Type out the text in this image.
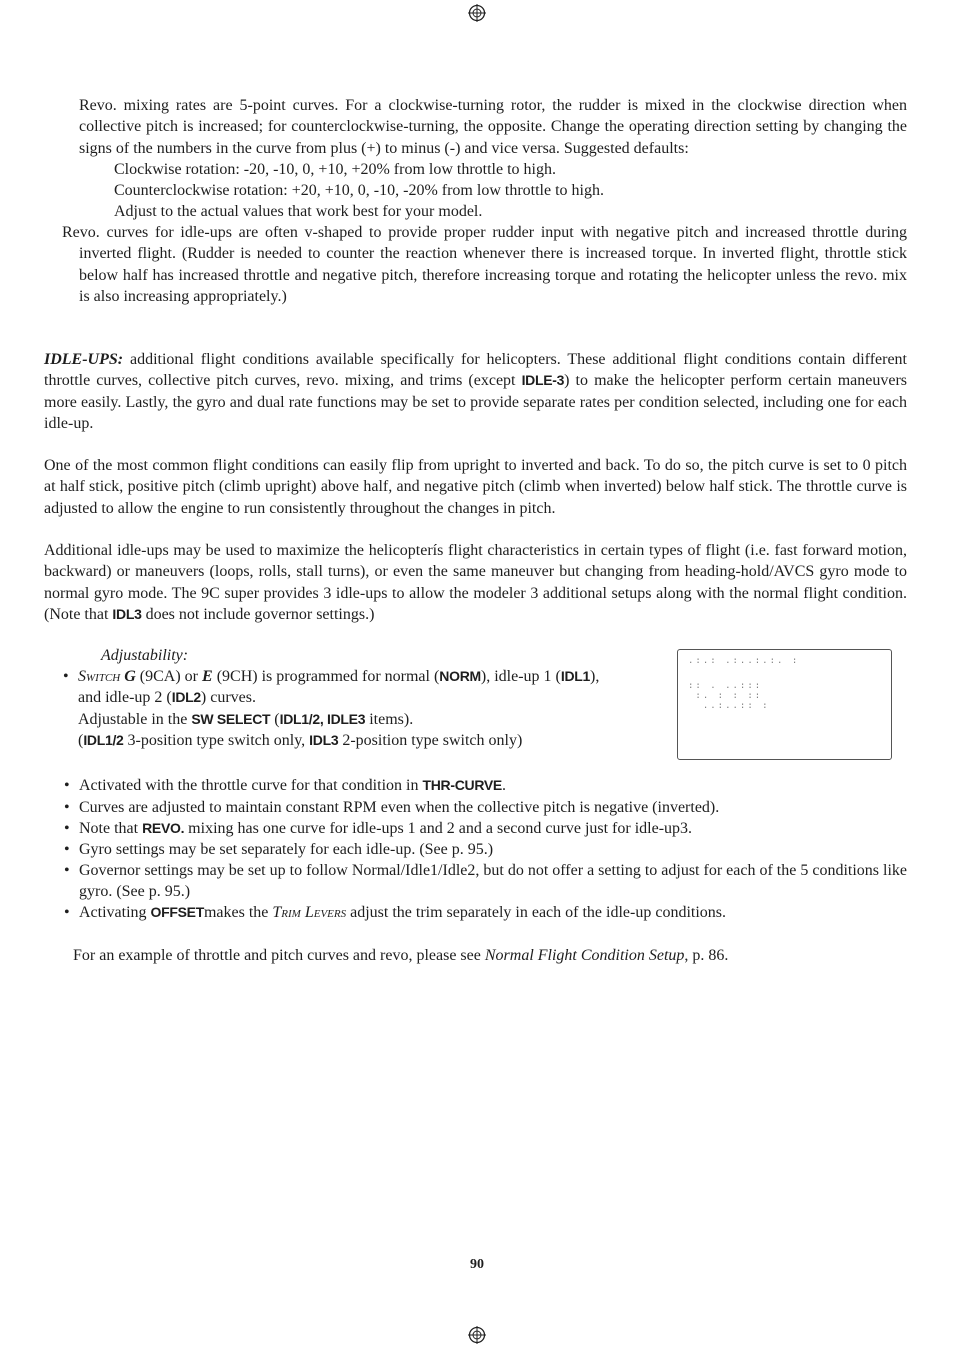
Revo. mixing rates are 5-point curves. For a clockwise-turning rotor, the rudder is mixed in the clockwise direction when collective pitch is increased; for counterclockwise-turning, the opposite. Change the operating direction setting by changing the signs of the numbers in the curve from plus (+) to minus (-) and vice versa. Suggested defaults:

Clockwise rotation: -20, -10, 0, +10, +20% from low throttle to high.

Counterclockwise rotation: +20, +10, 0, -10, -20% from low throttle to high.

Adjust to the actual values that work best for your model.

Revo. curves for idle-ups are often v-shaped to provide proper rudder input with negative pitch and increased throttle during inverted flight. (Rudder is needed to counter the reaction whenever there is increased torque. In inverted flight, throttle stick below half has increased throttle and negative pitch, therefore increasing torque and rotating the helicopter unless the revo. mix is also increasing appropriately.)

IDLE-UPS: additional flight conditions available specifically for helicopters. These additional flight conditions contain different throttle curves, collective pitch curves, revo. mixing, and trims (except IDLE-3) to make the helicopter perform certain maneuvers more easily. Lastly, the gyro and dual rate functions may be set to provide separate rates per condition selected, including one for each idle-up.

One of the most common flight conditions can easily flip from upright to inverted and back. To do so, the pitch curve is set to 0 pitch at half stick, positive pitch (climb upright) above half, and negative pitch (climb when inverted) below half stick. The throttle curve is adjusted to allow the engine to run consistently throughout the changes in pitch.

Additional idle-ups may be used to maximize the helicopterís flight characteristics in certain types of flight (i.e. fast forward motion, backward) or maneuvers (loops, rolls, stall turns), or even the same maneuver but changing from heading-hold/AVCS gyro mode to normal gyro mode. The 9C super provides 3 idle-ups to allow the modeler 3 additional setups along with the normal flight condition. (Note that IDL3 does not include governor settings.)

Adjustability:

• Switch G (9CA) or E (9CH) is programmed for normal (NORM), idle-up 1 (IDL1),
and idle-up 2 (IDL2) curves.
Adjustable in the SW SELECT (IDL1/2, IDLE3 items).
(IDL1/2 3-position type switch only, IDL3 2-position type switch only)
.:.: .:..:.:. :
:: . ..:::
:. : : ::
..:..:: :

• Activated with the throttle curve for that condition in THR-CURVE.

• Curves are adjusted to maintain constant RPM even when the collective pitch is negative (inverted).

• Note that REVO. mixing has one curve for idle-ups 1 and 2 and a second curve just for idle-up3.

• Gyro settings may be set separately for each idle-up. (See p. 95.)

• Governor settings may be set up to follow Normal/Idle1/Idle2, but do not offer a setting to adjust for each of the 5 conditions like gyro. (See p. 95.)

• Activating OFFSETmakes the Trim Levers adjust the trim separately in each of the idle-up conditions.

For an example of throttle and pitch curves and revo, please see Normal Flight Condition Setup, p. 86.

90
